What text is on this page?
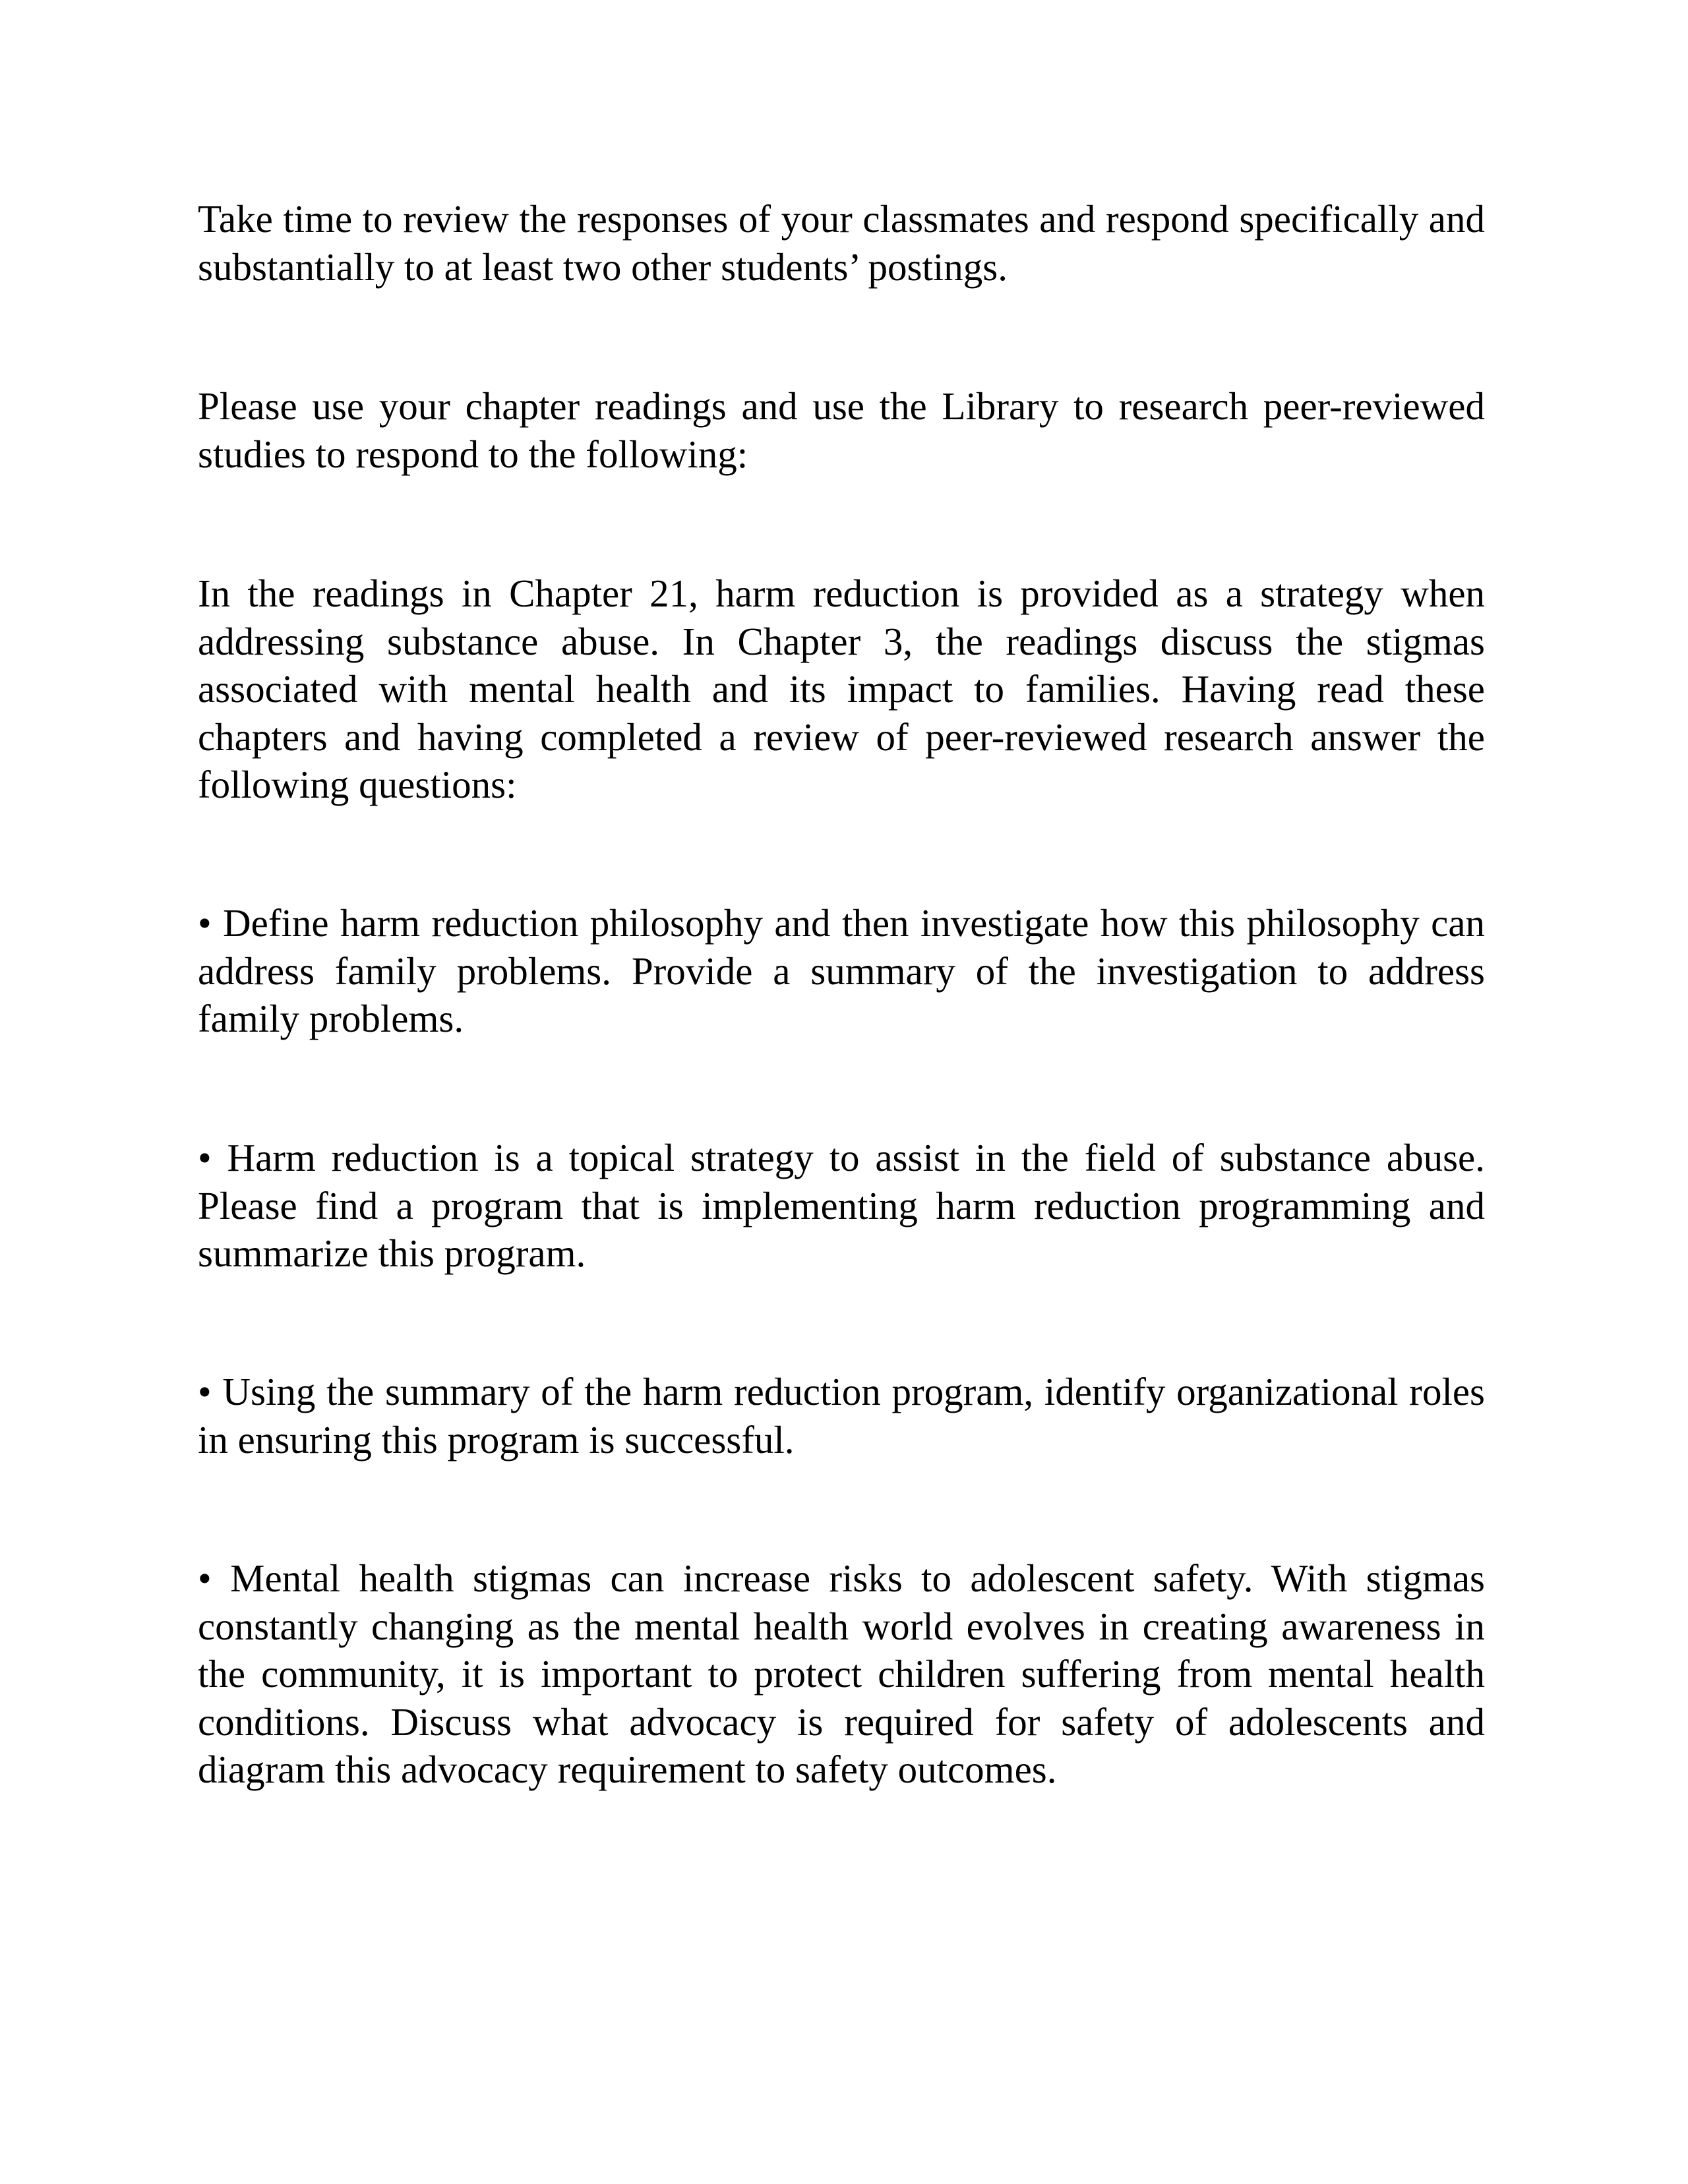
Take time to review the responses of your classmates and respond specifically and substantially to at least two other students’ postings.

Please use your chapter readings and use the Library to research peer-reviewed studies to respond to the following:

In the readings in Chapter 21, harm reduction is provided as a strategy when addressing substance abuse. In Chapter 3, the readings discuss the stigmas associated with mental health and its impact to families. Having read these chapters and having completed a review of peer-reviewed research answer the following questions:

• Define harm reduction philosophy and then investigate how this philosophy can address family problems. Provide a summary of the investigation to address family problems.

• Harm reduction is a topical strategy to assist in the field of substance abuse. Please find a program that is implementing harm reduction programming and summarize this program.

• Using the summary of the harm reduction program, identify organizational roles in ensuring this program is successful.

• Mental health stigmas can increase risks to adolescent safety. With stigmas constantly changing as the mental health world evolves in creating awareness in the community, it is important to protect children suffering from mental health conditions. Discuss what advocacy is required for safety of adolescents and diagram this advocacy requirement to safety outcomes.
